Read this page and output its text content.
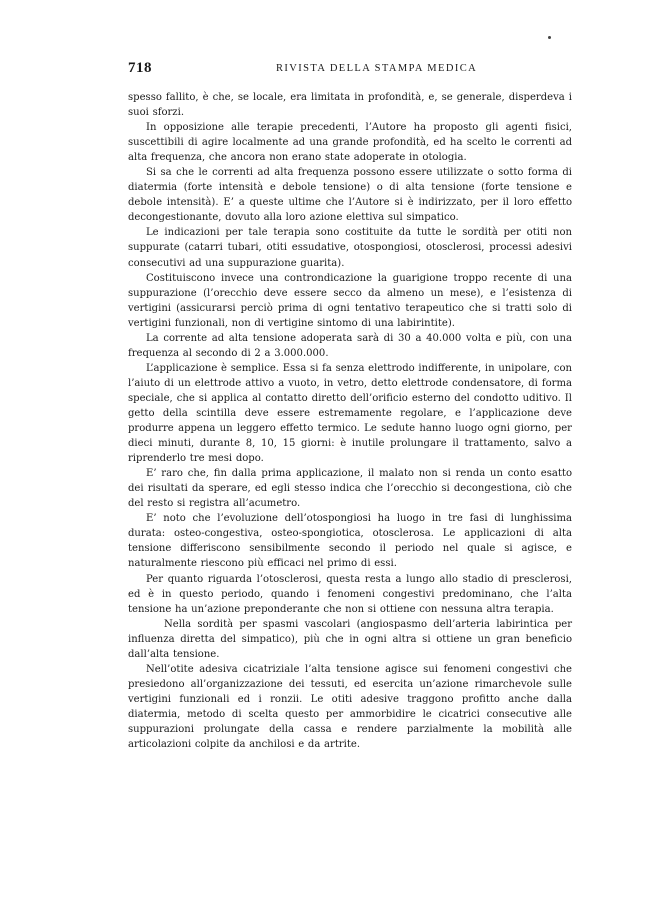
718	RIVISTA DELLA STAMPA MEDICA

spesso fallito, è che, se locale, era limitata in profondità, e, se generale, disperdeva i suoi sforzi.

In opposizione alle terapie precedenti, l’Autore ha proposto gli agenti fisici, suscettibili di agire localmente ad una grande profondità, ed ha scelto le correnti ad alta frequenza, che ancora non erano state adoperate in otologia.

Si sa che le correnti ad alta frequenza possono essere utilizzate o sotto forma di diatermia (forte intensità e debole tensione) o di alta tensione (forte tensione e debole intensità). E’ a queste ultime che l’Autore si è indirizzato, per il loro effetto decongestionante, dovuto alla loro azione elettiva sul simpatico.

Le indicazioni per tale terapia sono costituite da tutte le sordità per otiti non suppurate (catarri tubari, otiti essudative, otospongiosi, otosclerosi, processi adesivi consecutivi ad una suppurazione guarita).

Costituiscono invece una controndicazione la guarigione troppo recente di una suppurazione (l’orecchio deve essere secco da almeno un mese), e l’esistenza di vertigini (assicurarsi perciò prima di ogni tentativo terapeutico che si tratti solo di vertigini funzionali, non di vertigine sintomo di una labirintite).

La corrente ad alta tensione adoperata sarà di 30 a 40.000 volta e più, con una frequenza al secondo di 2 a 3.000.000.

L’applicazione è semplice. Essa si fa senza elettrodo indifferente, in unipolare, con l’aiuto di un elettrode attivo a vuoto, in vetro, detto elettrode condensatore, di forma speciale, che si applica al contatto diretto dell’orificio esterno del condotto uditivo. Il getto della scintilla deve essere estremamente regolare, e l’applicazione deve produrre appena un leggero effetto termico. Le sedute hanno luogo ogni giorno, per dieci minuti, durante 8, 10, 15 giorni: è inutile prolungare il trattamento, salvo a riprenderlo tre mesi dopo.

E’ raro che, fin dalla prima applicazione, il malato non si renda un conto esatto dei risultati da sperare, ed egli stesso indica che l’orecchio si decongestiona, ciò che del resto si registra all’acumetro.

E’ noto che l’evoluzione dell’otospongiosi ha luogo in tre fasi di lunghissima durata: osteo-congestiva, osteo-spongiotica, otosclerosa. Le applicazioni di alta tensione differiscono sensibilmente secondo il periodo nel quale si agisce, e naturalmente riescono più efficaci nel primo di essi.

Per quanto riguarda l’otosclerosi, questa resta a lungo allo stadio di presclerosi, ed è in questo periodo, quando i fenomeni congestivi predominano, che l’alta tensione ha un’azione preponderante che non si ottiene con nessuna altra terapia.

Nella sordità per spasmi vascolari (angiospasmo dell’arteria labirintica per influenza diretta del simpatico), più che in ogni altra si ottiene un gran beneficio dall’alta tensione.

Nell’otite adesiva cicatriziale l’alta tensione agisce sui fenomeni congestivi che presiedono all’organizzazione dei tessuti, ed esercita un’azione rimarchevole sulle vertigini funzionali ed i ronzii. Le otiti adesive traggono profitto anche dalla diatermia, metodo di scelta questo per ammorbidire le cicatrici consecutive alle suppurazioni prolungate della cassa e rendere parzialmente la mobilità alle articolazioni colpite da anchilosi e da artrite.
